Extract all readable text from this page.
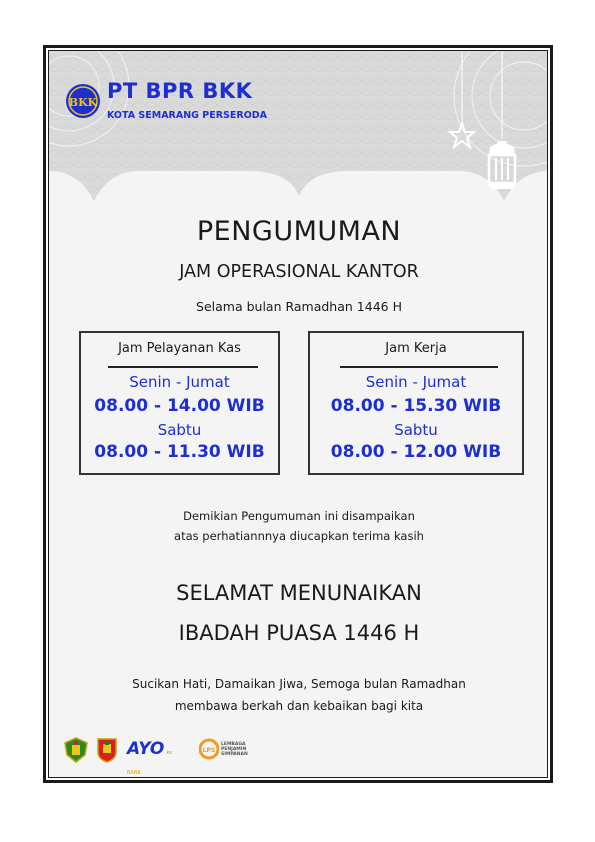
BKK PT BPR BKK
KOTA SEMARANG PERSERODA
PENGUMUMAN
JAM OPERASIONAL KANTOR
Selama bulan Ramadhan 1446 H
Jam Pelayanan Kas
Senin - Jumat
08.00 - 14.00 WIB
Sabtu
08.00 - 11.30 WIB
Jam Kerja
Senin - Jumat
08.00 - 15.30 WIB
Sabtu
08.00 - 12.00 WIB
Demikian Pengumuman ini disampaikan
atas perhatiannnya diucapkan terima kasih
SELAMAT MENUNAIKAN
IBADAH PUASA 1446 H
Sucikan Hati, Damaikan Jiwa, Semoga bulan Ramadhan
membawa berkah dan kebaikan bagi kita
AYO ke BANK
LPS
LEMBAGA
PENJAMIN
SIMPANAN
